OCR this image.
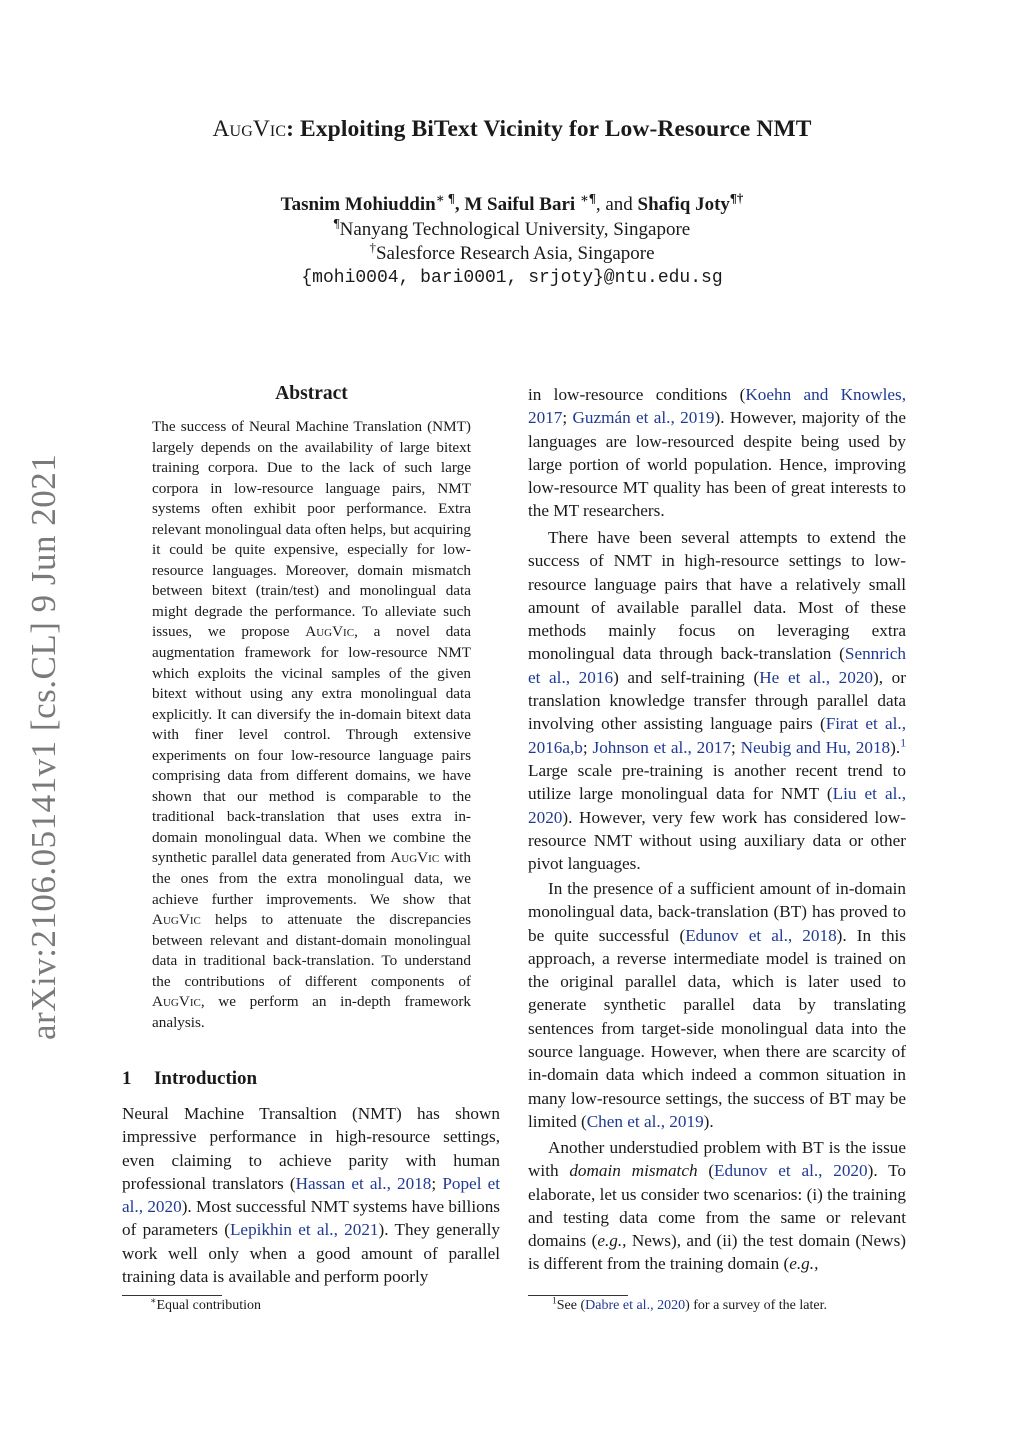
arXiv:2106.05141v1 [cs.CL] 9 Jun 2021
AugVic: Exploiting BiText Vicinity for Low-Resource NMT
Tasnim Mohiuddin∗ ¶, M Saiful Bari ∗¶, and Shafiq Joty¶†
¶Nanyang Technological University, Singapore
†Salesforce Research Asia, Singapore
{mohi0004, bari0001, srjoty}@ntu.edu.sg
Abstract
The success of Neural Machine Translation (NMT) largely depends on the availability of large bitext training corpora. Due to the lack of such large corpora in low-resource language pairs, NMT systems often exhibit poor performance. Extra relevant monolingual data often helps, but acquiring it could be quite expensive, especially for low-resource languages. Moreover, domain mismatch between bitext (train/test) and monolingual data might degrade the performance. To alleviate such issues, we propose AugVic, a novel data augmentation framework for low-resource NMT which exploits the vicinal samples of the given bitext without using any extra monolingual data explicitly. It can diversify the in-domain bitext data with finer level control. Through extensive experiments on four low-resource language pairs comprising data from different domains, we have shown that our method is comparable to the traditional back-translation that uses extra in-domain monolingual data. When we combine the synthetic parallel data generated from AugVic with the ones from the extra monolingual data, we achieve further improvements. We show that AugVic helps to attenuate the discrepancies between relevant and distant-domain monolingual data in traditional back-translation. To understand the contributions of different components of AugVic, we perform an in-depth framework analysis.
1 Introduction
Neural Machine Transaltion (NMT) has shown impressive performance in high-resource settings, even claiming to achieve parity with human professional translators (Hassan et al., 2018; Popel et al., 2020). Most successful NMT systems have billions of parameters (Lepikhin et al., 2021). They generally work well only when a good amount of parallel training data is available and perform poorly
in low-resource conditions (Koehn and Knowles, 2017; Guzmán et al., 2019). However, majority of the languages are low-resourced despite being used by large portion of world population. Hence, improving low-resource MT quality has been of great interests to the MT researchers.
There have been several attempts to extend the success of NMT in high-resource settings to low-resource language pairs that have a relatively small amount of available parallel data. Most of these methods mainly focus on leveraging extra monolingual data through back-translation (Sennrich et al., 2016) and self-training (He et al., 2020), or translation knowledge transfer through parallel data involving other assisting language pairs (Firat et al., 2016a,b; Johnson et al., 2017; Neubig and Hu, 2018).$^1$ Large scale pre-training is another recent trend to utilize large monolingual data for NMT (Liu et al., 2020). However, very few work has considered low-resource NMT without using auxiliary data or other pivot languages.
In the presence of a sufficient amount of in-domain monolingual data, back-translation (BT) has proved to be quite successful (Edunov et al., 2018). In this approach, a reverse intermediate model is trained on the original parallel data, which is later used to generate synthetic parallel data by translating sentences from target-side monolingual data into the source language. However, when there are scarcity of in-domain data which indeed a common situation in many low-resource settings, the success of BT may be limited (Chen et al., 2019).
Another understudied problem with BT is the issue with domain mismatch (Edunov et al., 2020). To elaborate, let us consider two scenarios: (i) the training and testing data come from the same or relevant domains (e.g., News), and (ii) the test domain (News) is different from the training domain (e.g.,
∗Equal contribution	$^1$See (Dabre et al., 2020) for a survey of the later.
